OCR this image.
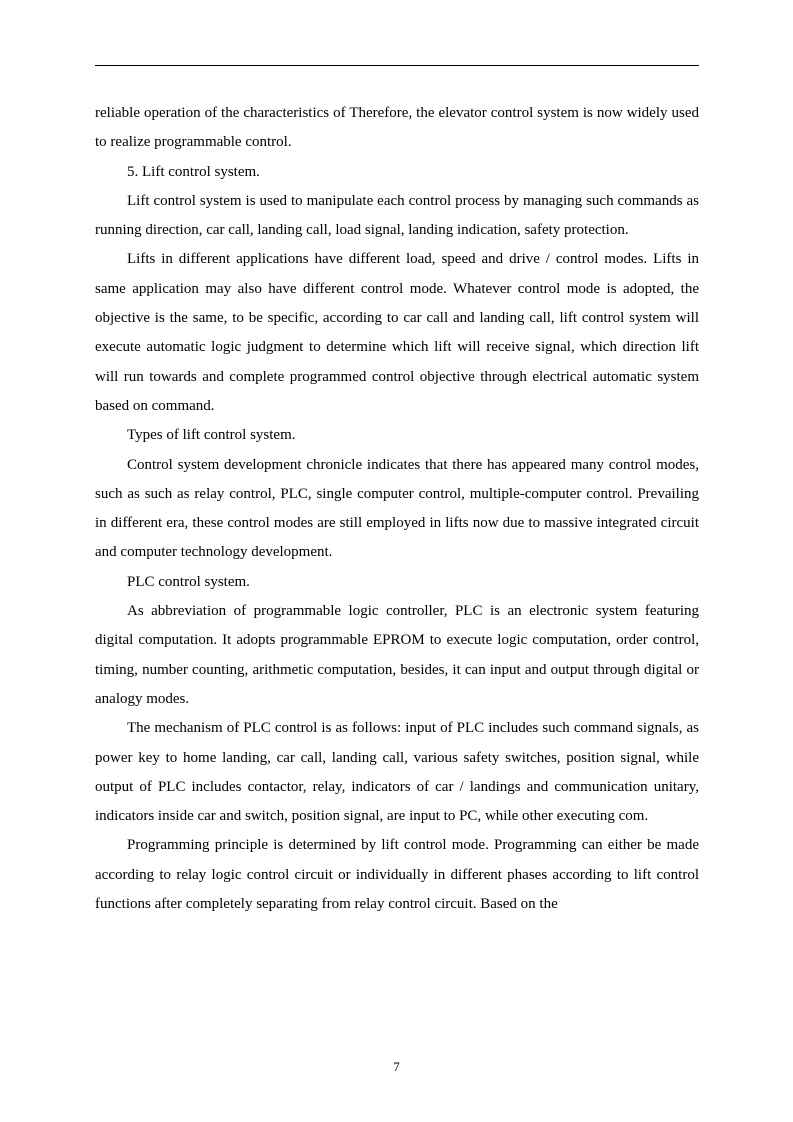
reliable operation of the characteristics of Therefore, the elevator control system is now widely used to realize programmable control.

5. Lift control system.

Lift control system is used to manipulate each control process by managing such commands as running direction, car call, landing call, load signal, landing indication, safety protection.

Lifts in different applications have different load, speed and drive / control modes. Lifts in same application may also have different control mode. Whatever control mode is adopted, the objective is the same, to be specific, according to car call and landing call, lift control system will execute automatic logic judgment to determine which lift will receive signal, which direction lift will run towards and complete programmed control objective through electrical automatic system based on command.

Types of lift control system.

Control system development chronicle indicates that there has appeared many control modes, such as such as relay control, PLC, single computer control, multiple-computer control. Prevailing in different era, these control modes are still employed in lifts now due to massive integrated circuit and computer technology development.

PLC control system.

As abbreviation of programmable logic controller, PLC is an electronic system featuring digital computation. It adopts programmable EPROM to execute logic computation, order control, timing, number counting, arithmetic computation, besides, it can input and output through digital or analogy modes.

The mechanism of PLC control is as follows: input of PLC includes such command signals, as power key to home landing, car call, landing call, various safety switches, position signal, while output of PLC includes contactor, relay, indicators of car / landings and communication unitary, indicators inside car and switch, position signal, are input to PC, while other executing com.

Programming principle is determined by lift control mode. Programming can either be made according to relay logic control circuit or individually in different phases according to lift control functions after completely separating from relay control circuit. Based on the

7
